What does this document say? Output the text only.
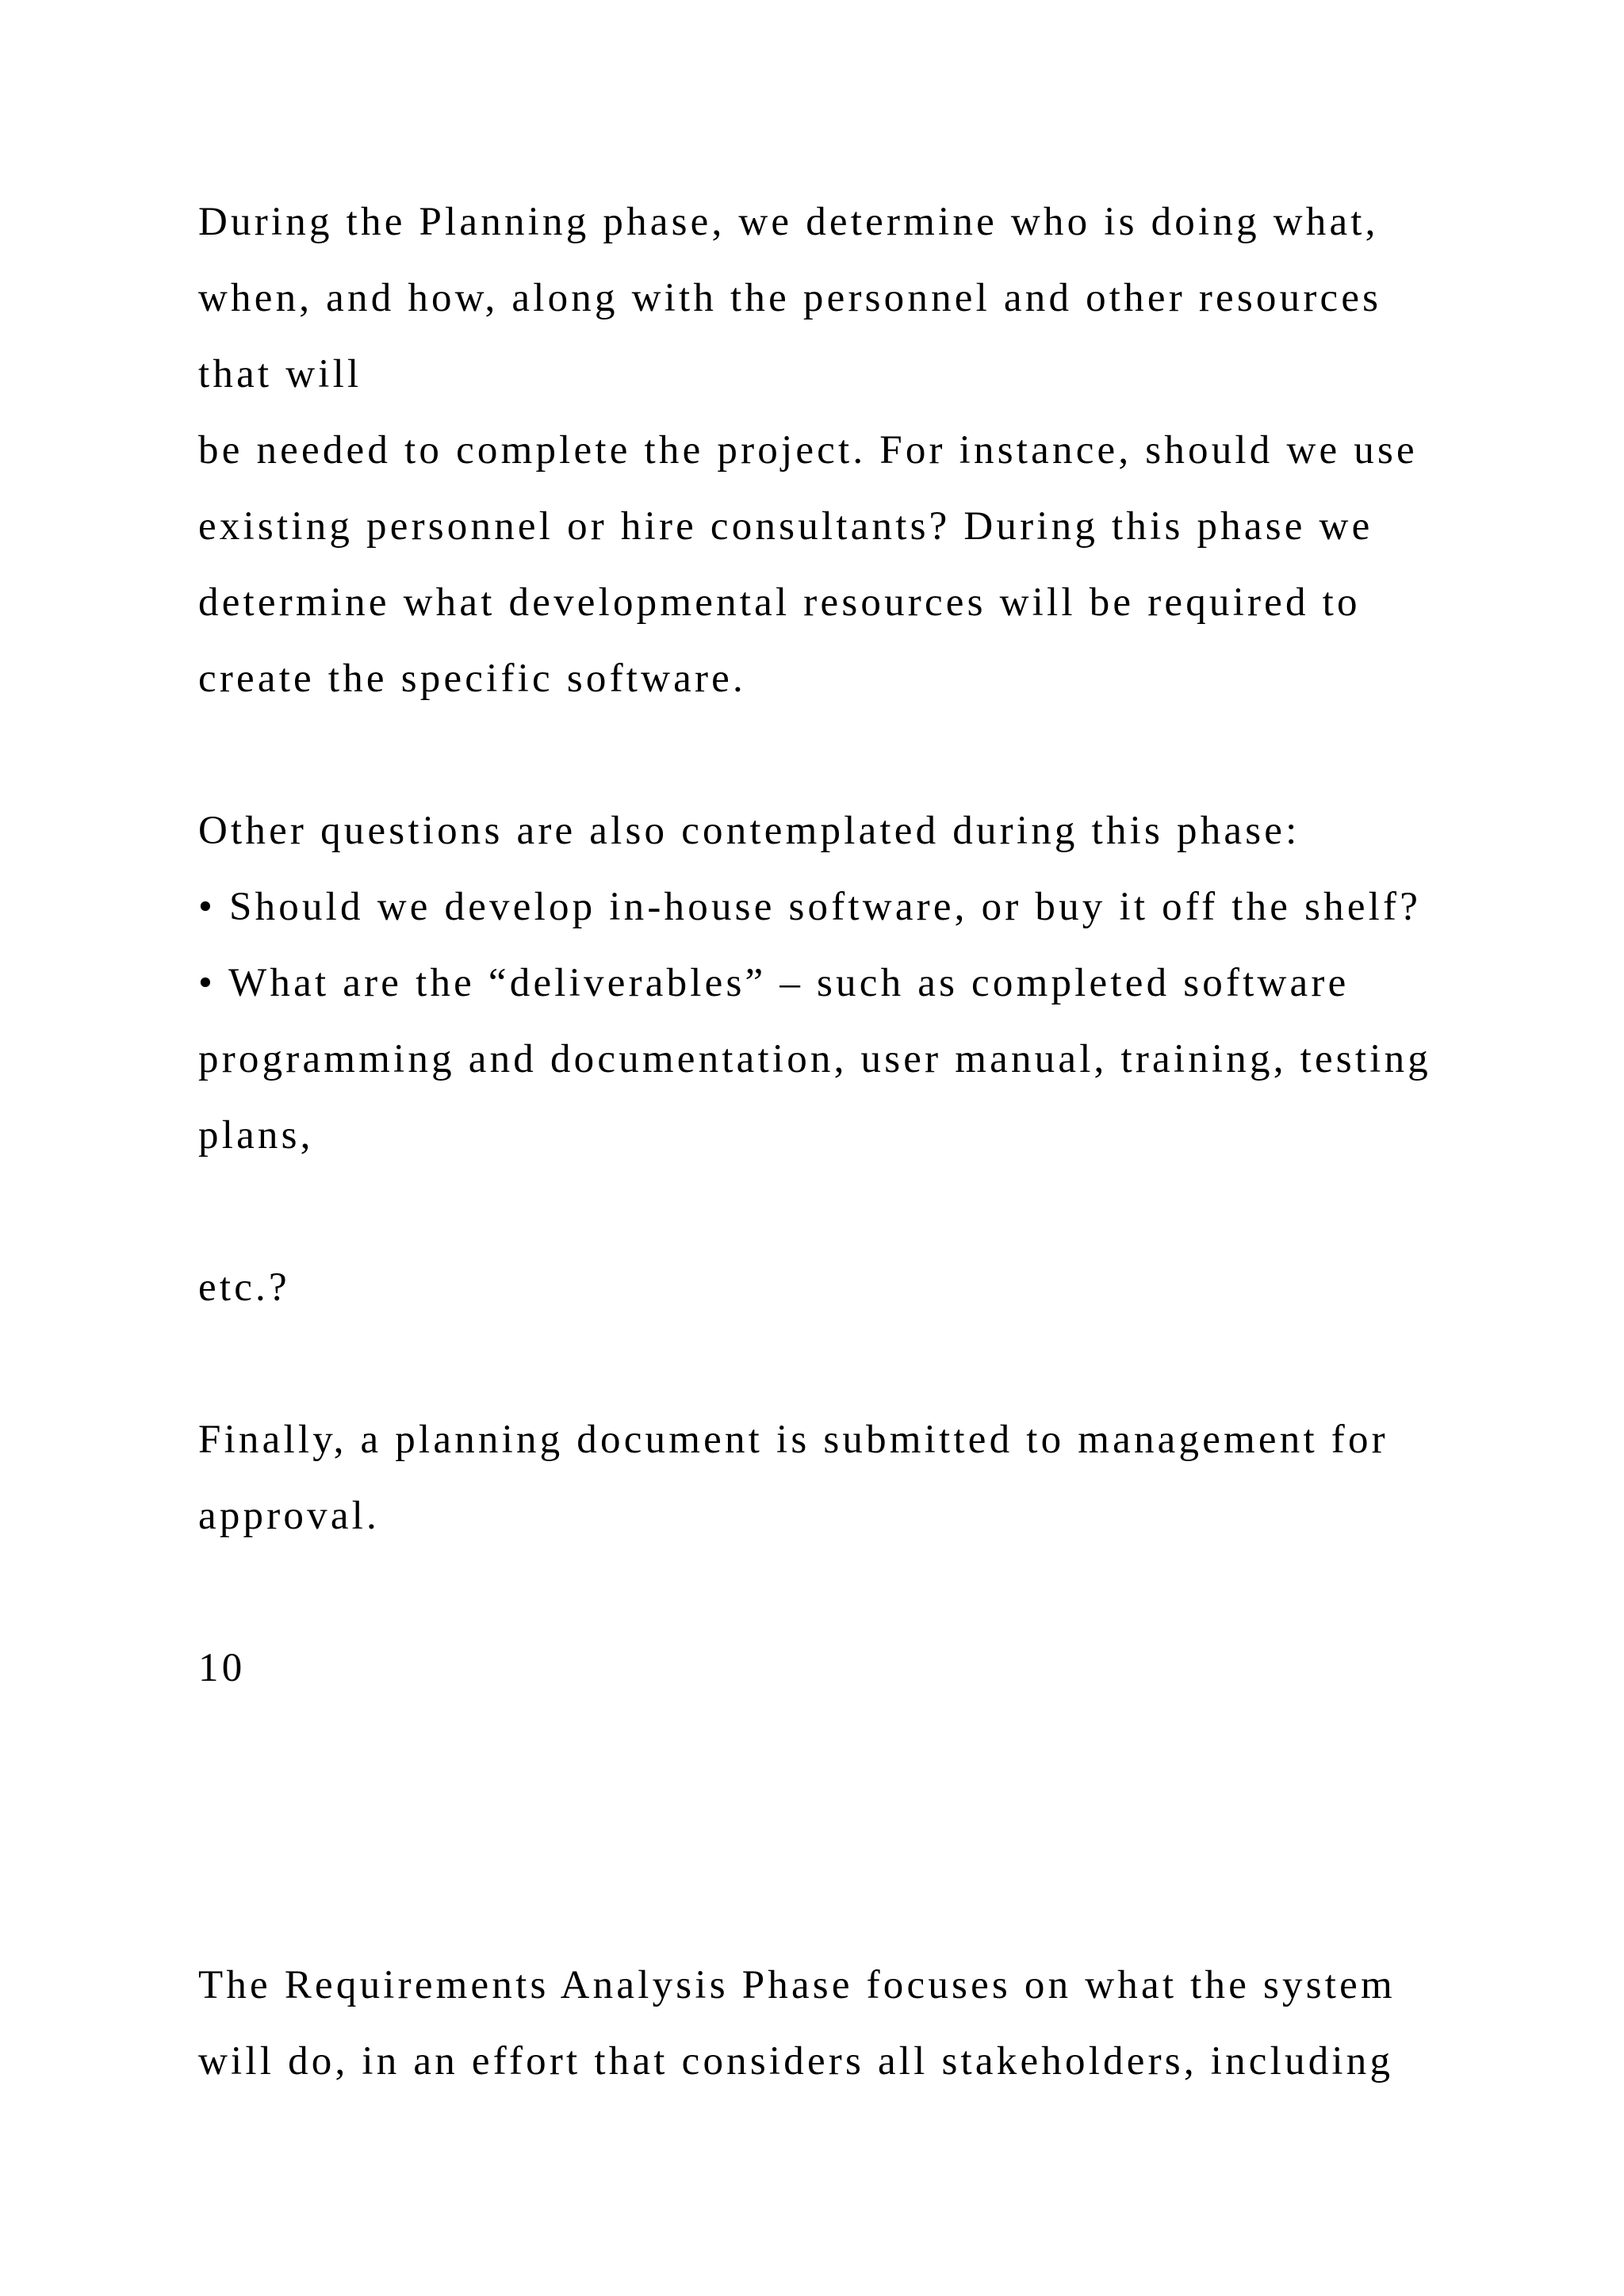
During the Planning phase, we determine who is doing what,
when, and how, along with the personnel and other resources
that will
be needed to complete the project. For instance, should we use
existing personnel or hire consultants? During this phase we
determine what developmental resources will be required to
create the specific software.
Other questions are also contemplated during this phase:
• Should we develop in-house software, or buy it off the shelf?
• What are the “deliverables” – such as completed software
programming and documentation, user manual, training, testing
plans,
etc.?
Finally, a planning document is submitted to management for
approval.
10
The Requirements Analysis Phase focuses on what the system
will do, in an effort that considers all stakeholders, including
